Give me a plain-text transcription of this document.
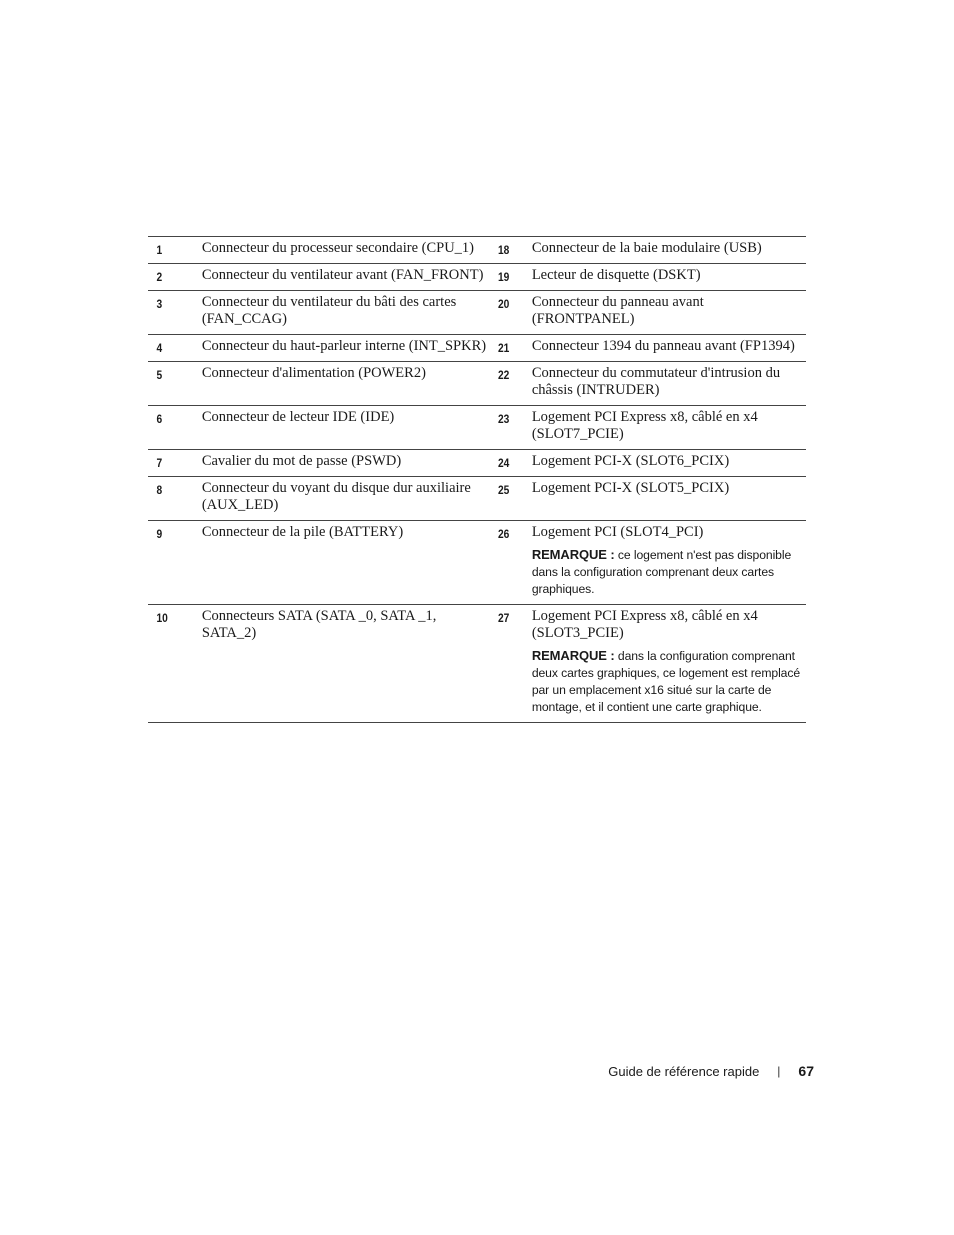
1	Connecteur du processeur secondaire (CPU_1)	18	Connecteur de la baie modulaire (USB)

2	Connecteur du ventilateur avant (FAN_FRONT)	19	Lecteur de disquette (DSKT)

3	Connecteur du ventilateur du bâti des cartes (FAN_CCAG)	20	Connecteur du panneau avant (FRONTPANEL)

4	Connecteur du haut-parleur interne (INT_SPKR)	21	Connecteur 1394 du panneau avant (FP1394)

5	Connecteur d'alimentation (POWER2)	22	Connecteur du commutateur d'intrusion du châssis (INTRUDER)

6	Connecteur de lecteur IDE (IDE)	23	Logement PCI Express x8, câblé en x4 (SLOT7_PCIE)

7	Cavalier du mot de passe (PSWD)	24	Logement PCI-X (SLOT6_PCIX)

8	Connecteur du voyant du disque dur auxiliaire (AUX_LED)	25	Logement PCI-X (SLOT5_PCIX)

9	Connecteur de la pile (BATTERY)	26	Logement PCI (SLOT4_PCI)
REMARQUE : ce logement n'est pas disponible dans la configuration comprenant deux cartes graphiques.

10	Connecteurs SATA (SATA _0, SATA _1, SATA_2)	27	Logement PCI Express x8, câblé en x4 (SLOT3_PCIE)
REMARQUE : dans la configuration comprenant deux cartes graphiques, ce logement est remplacé par un emplacement x16 situé sur la carte de montage, et il contient une carte graphique.
Guide de référence rapide | 67
